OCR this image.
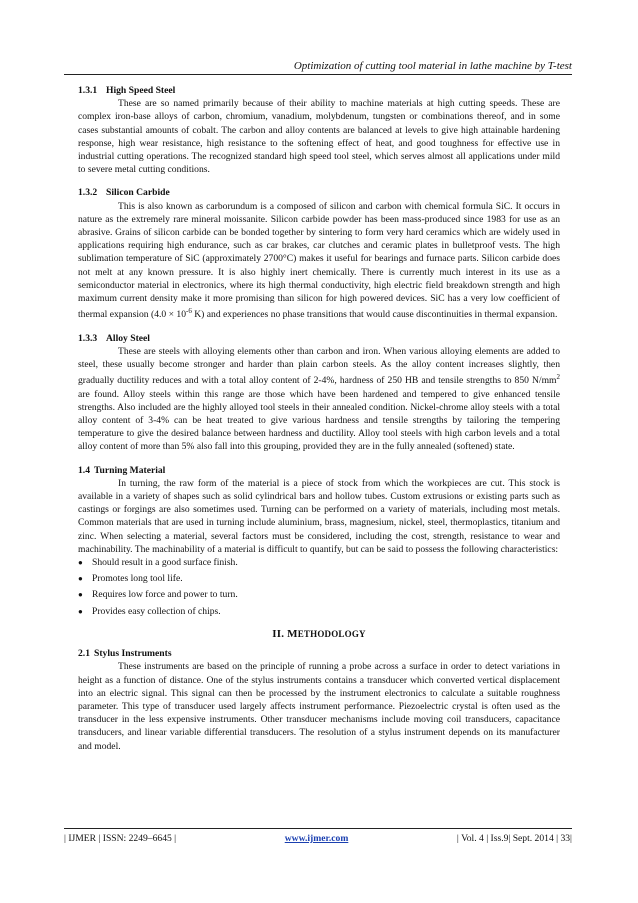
Optimization of cutting tool material in lathe machine by T-test

1.3.1 High Speed Steel

These are so named primarily because of their ability to machine materials at high cutting speeds. These are complex iron-base alloys of carbon, chromium, vanadium, molybdenum, tungsten or combinations thereof, and in some cases substantial amounts of cobalt. The carbon and alloy contents are balanced at levels to give high attainable hardening response, high wear resistance, high resistance to the softening effect of heat, and good toughness for effective use in industrial cutting operations. The recognized standard high speed tool steel, which serves almost all applications under mild to severe metal cutting conditions.

1.3.2 Silicon Carbide

This is also known as carborundum is a composed of silicon and carbon with chemical formula SiC. It occurs in nature as the extremely rare mineral moissanite. Silicon carbide powder has been mass-produced since 1983 for use as an abrasive. Grains of silicon carbide can be bonded together by sintering to form very hard ceramics which are widely used in applications requiring high endurance, such as car brakes, car clutches and ceramic plates in bulletproof vests. The high sublimation temperature of SiC (approximately 2700°C) makes it useful for bearings and furnace parts. Silicon carbide does not melt at any known pressure. It is also highly inert chemically. There is currently much interest in its use as a semiconductor material in electronics, where its high thermal conductivity, high electric field breakdown strength and high maximum current density make it more promising than silicon for high powered devices. SiC has a very low coefficient of thermal expansion ($4.0 \times 10^{-6}$ K) and experiences no phase transitions that would cause discontinuities in thermal expansion.

1.3.3 Alloy Steel

These are steels with alloying elements other than carbon and iron. When various alloying elements are added to steel, these usually become stronger and harder than plain carbon steels. As the alloy content increases slightly, then gradually ductility reduces and with a total alloy content of 2-4%, hardness of 250 HB and tensile strengths to 850 $N/mm^2$ are found. Alloy steels within this range are those which have been hardened and tempered to give enhanced tensile strengths. Also included are the highly alloyed tool steels in their annealed condition. Nickel-chrome alloy steels with a total alloy content of 3-4% can be heat treated to give various hardness and tensile strengths by tailoring the tempering temperature to give the desired balance between hardness and ductility. Alloy tool steels with high carbon levels and a total alloy content of more than 5% also fall into this grouping, provided they are in the fully annealed (softened) state.

1.4 Turning Material

In turning, the raw form of the material is a piece of stock from which the workpieces are cut. This stock is available in a variety of shapes such as solid cylindrical bars and hollow tubes. Custom extrusions or existing parts such as castings or forgings are also sometimes used. Turning can be performed on a variety of materials, including most metals. Common materials that are used in turning include aluminium, brass, magnesium, nickel, steel, thermoplastics, titanium and zinc. When selecting a material, several factors must be considered, including the cost, strength, resistance to wear and machinability. The machinability of a material is difficult to quantify, but can be said to possess the following characteristics:

● Should result in a good surface finish.
● Promotes long tool life.
● Requires low force and power to turn.
● Provides easy collection of chips.
II. METHODOLOGY

2.1 Stylus Instruments

These instruments are based on the principle of running a probe across a surface in order to detect variations in height as a function of distance. One of the stylus instruments contains a transducer which converted vertical displacement into an electric signal. This signal can then be processed by the instrument electronics to calculate a suitable roughness parameter. This type of transducer used largely affects instrument performance. Piezoelectric crystal is often used as the transducer in the less expensive instruments. Other transducer mechanisms include moving coil transducers, capacitance transducers, and linear variable differential transducers. The resolution of a stylus instrument depends on its manufacturer and model.

| IJMER | ISSN: 2249–6645 |	www.ijmer.com	| Vol. 4 | Iss.9| Sept. 2014 | 33|
